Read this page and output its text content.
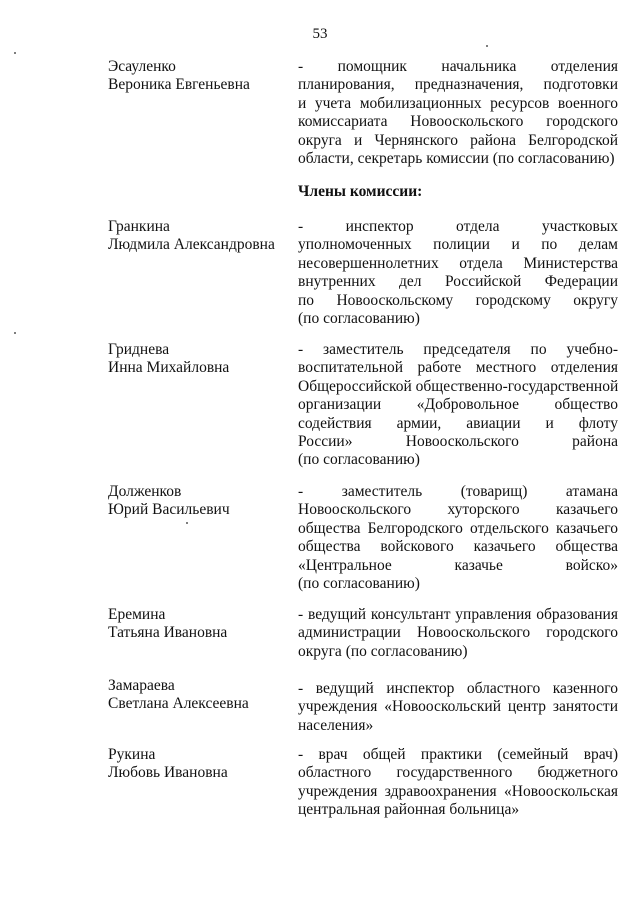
53
Эсауленко
Вероника Евгеньевна
- помощник начальника отделения
планирования, предназначения, подготовки
и учета мобилизационных ресурсов военного
комиссариата Новооскольского городского
округа и Чернянского района Белгородской
области, секретарь комиссии (по согласованию)
Члены комиссии:
Гранкина
Людмила Александровна
- инспектор отдела участковых
уполномоченных полиции и по делам
несовершеннолетних отдела Министерства
внутренних дел Российской Федерации
по Новооскольскому городскому округу
(по согласованию)
Гриднева
Инна Михайловна
- заместитель председателя по учебно-
воспитательной работе местного отделения
Общероссийской общественно-государственной
организации «Добровольное общество
содействия армии, авиации и флоту
России» Новооскольского района
(по согласованию)
Долженков
Юрий Васильевич
- заместитель (товарищ) атамана
Новооскольского хуторского казачьего
общества Белгородского отдельского казачьего
общества войскового казачьего общества
«Центральное казачье войско»
(по согласованию)
Еремина
Татьяна Ивановна
- ведущий консультант управления образования
администрации Новооскольского городского
округа (по согласованию)
Замараева
Светлана Алексеевна
- ведущий инспектор областного казенного
учреждения «Новооскольский центр занятости
населения»
Рукина
Любовь Ивановна
- врач общей практики (семейный врач)
областного государственного бюджетного
учреждения здравоохранения «Новооскольская
центральная районная больница»
